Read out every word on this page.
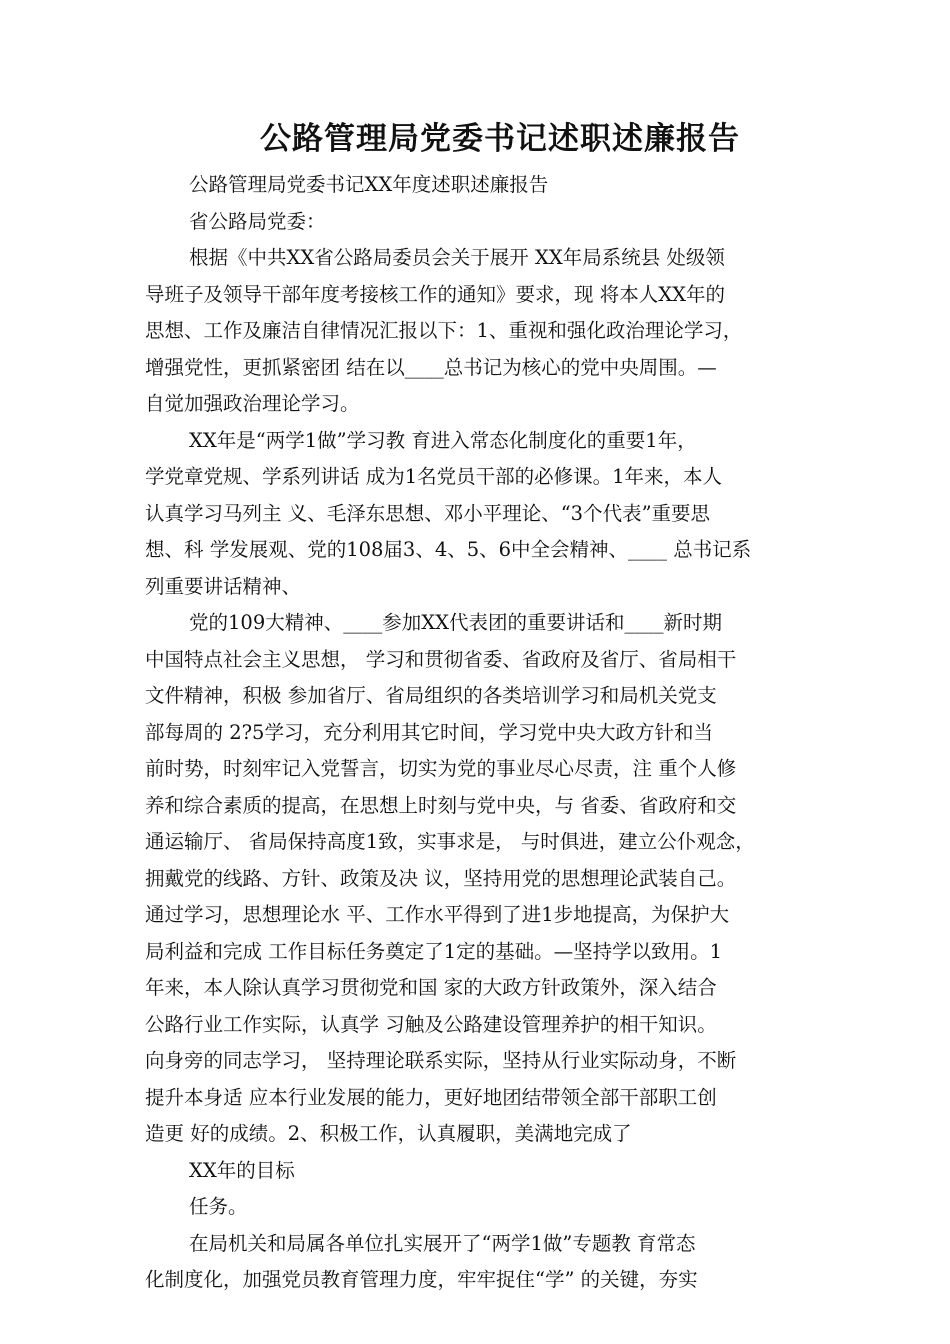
公路管理局党委书记述职述廉报告
公路管理局党委书记XX年度述职述廉报告
省公路局党委：
根据《中共XX省公路局委员会关于展开 XX年局系统县 处级领
导班子及领导干部年度考接核工作的通知》要求，现 将本人XX年的
思想、工作及廉洁自律情况汇报以下：1、重视和强化政治理论学习，
增强党性，更抓紧密团 结在以____总书记为核心的党中央周围。—
自觉加强政治理论学习。
XX年是“两学1做”学习教 育进入常态化制度化的重要1年，
学党章党规、学系列讲话 成为1名党员干部的必修课。1年来，本人
认真学习马列主 义、毛泽东思想、邓小平理论、“3个代表”重要思
想、科 学发展观、党的108届3、4、5、6中全会精神、____ 总书记系
列重要讲话精神、
党的109大精神、____参加XX代表团的重要讲话和____新时期
中国特点社会主义思想， 学习和贯彻省委、省政府及省厅、省局相干
文件精神，积极 参加省厅、省局组织的各类培训学习和局机关党支
部每周的 2?5学习，充分利用其它时间，学习党中央大政方针和当
前时势，时刻牢记入党誓言，切实为党的事业尽心尽责，注 重个人修
养和综合素质的提高，在思想上时刻与党中央，与 省委、省政府和交
通运输厅、 省局保持高度1致，实事求是， 与时俱进，建立公仆观念，
拥戴党的线路、方针、政策及决 议，坚持用党的思想理论武装自己。
通过学习，思想理论水 平、工作水平得到了进1步地提高，为保护大
局利益和完成 工作目标任务奠定了1定的基础。—坚持学以致用。1
年来，本人除认真学习贯彻党和国 家的大政方针政策外，深入结合
公路行业工作实际，认真学 习触及公路建设管理养护的相干知识。
向身旁的同志学习， 坚持理论联系实际，坚持从行业实际动身，不断
提升本身适 应本行业发展的能力，更好地团结带领全部干部职工创
造更 好的成绩。2、积极工作，认真履职，美满地完成了
XX年的目标
任务。
在局机关和局属各单位扎实展开了“两学1做”专题教 育常态
化制度化，加强党员教育管理力度，牢牢捉住“学” 的关键，夯实
